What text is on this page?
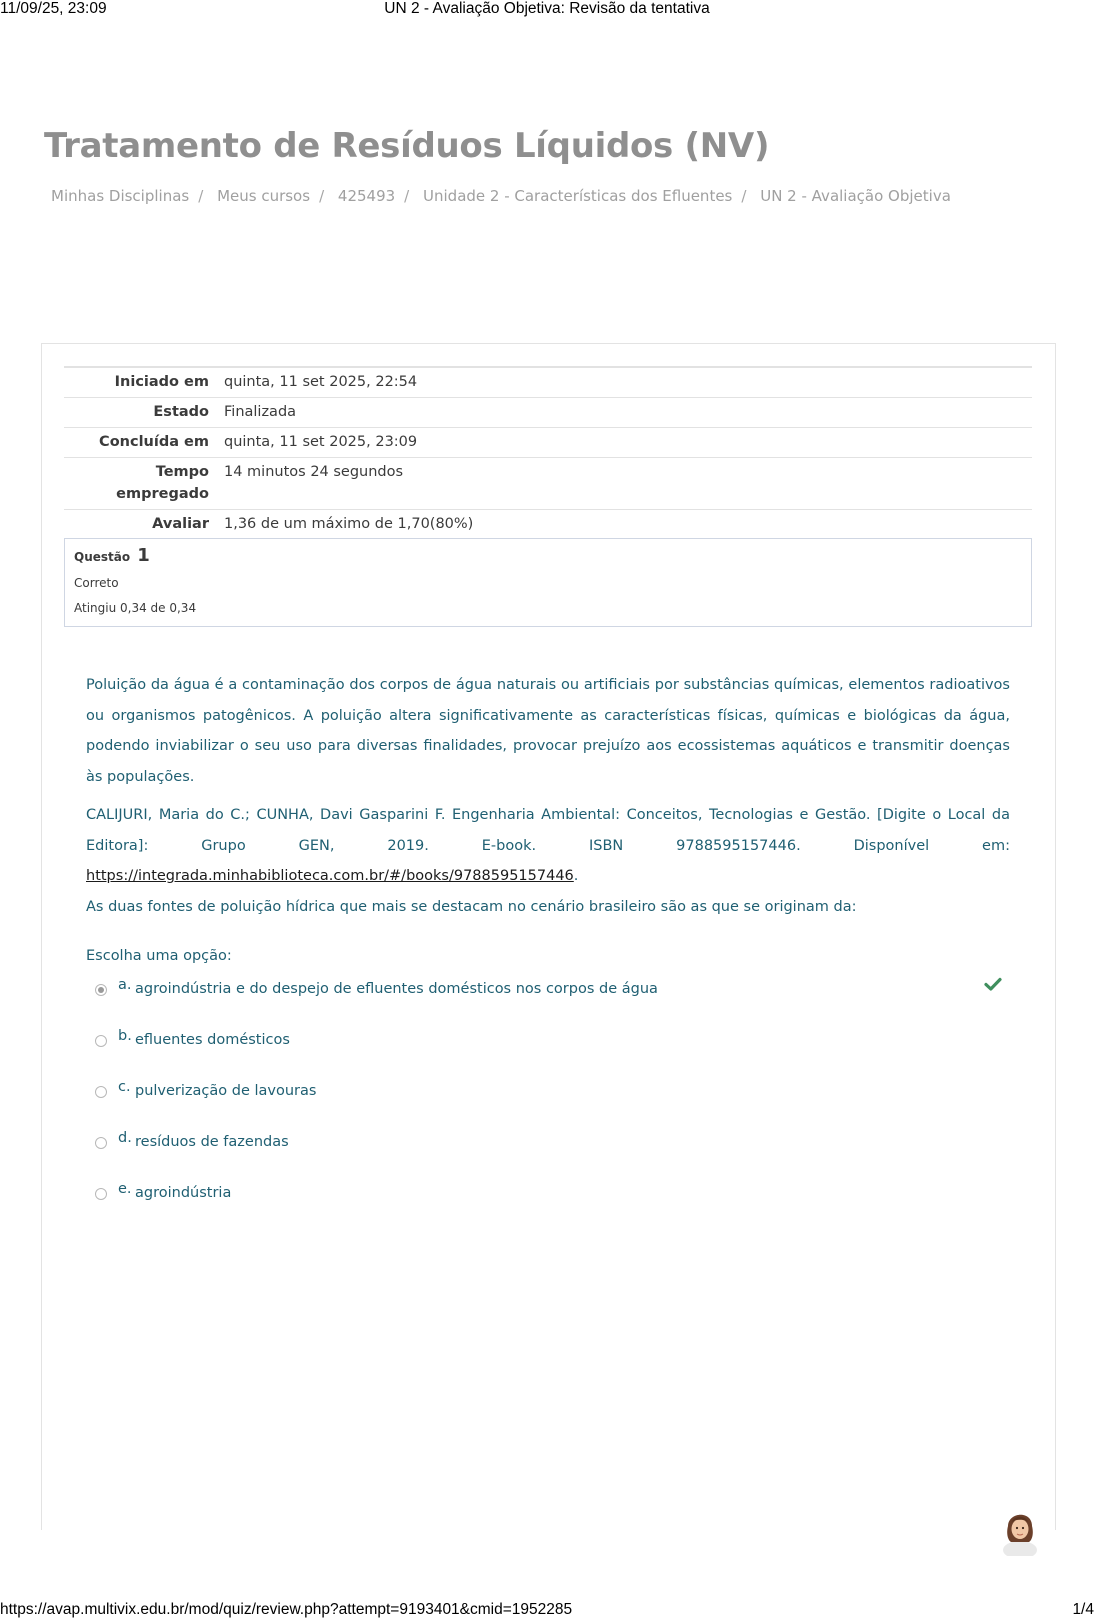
UN 2 - Avaliação Objetiva: Revisão da tentativa
11/09/25, 23:09
Tratamento de Resíduos Líquidos (NV)
Minhas Disciplinas / Meus cursos / 425493 / Unidade 2 - Características dos Efluentes / UN 2 - Avaliação Objetiva
Iniciado em	quinta, 11 set 2025, 22:54
Estado	Finalizada
Concluída em	quinta, 11 set 2025, 23:09
Tempo empregado	14 minutos 24 segundos
Avaliar	1,36 de um máximo de 1,70(80%)
Questão 1
Correto
Atingiu 0,34 de 0,34

Poluição da água é a contaminação dos corpos de água naturais ou artificiais por substâncias químicas, elementos radioativos ou organismos patogênicos. A poluição altera significativamente as características físicas, químicas e biológicas da água, podendo inviabilizar o seu uso para diversas finalidades, provocar prejuízo aos ecossistemas aquáticos e transmitir doenças às populações.

CALIJURI, Maria do C.; CUNHA, Davi Gasparini F. Engenharia Ambiental: Conceitos, Tecnologias e Gestão. [Digite o Local da Editora]: Grupo GEN, 2019. E-book. ISBN 9788595157446. Disponível em: https://integrada.minhabiblioteca.com.br/#/books/9788595157446.

As duas fontes de poluição hídrica que mais se destacam no cenário brasileiro são as que se originam da:
Escolha uma opção:
a. agroindústria e do despejo de efluentes domésticos nos corpos de água
b. efluentes domésticos
c. pulverização de lavouras
d. resíduos de fazendas
e. agroindústria
https://avap.multivix.edu.br/mod/quiz/review.php?attempt=9193401&cmid=1952285	1/4
